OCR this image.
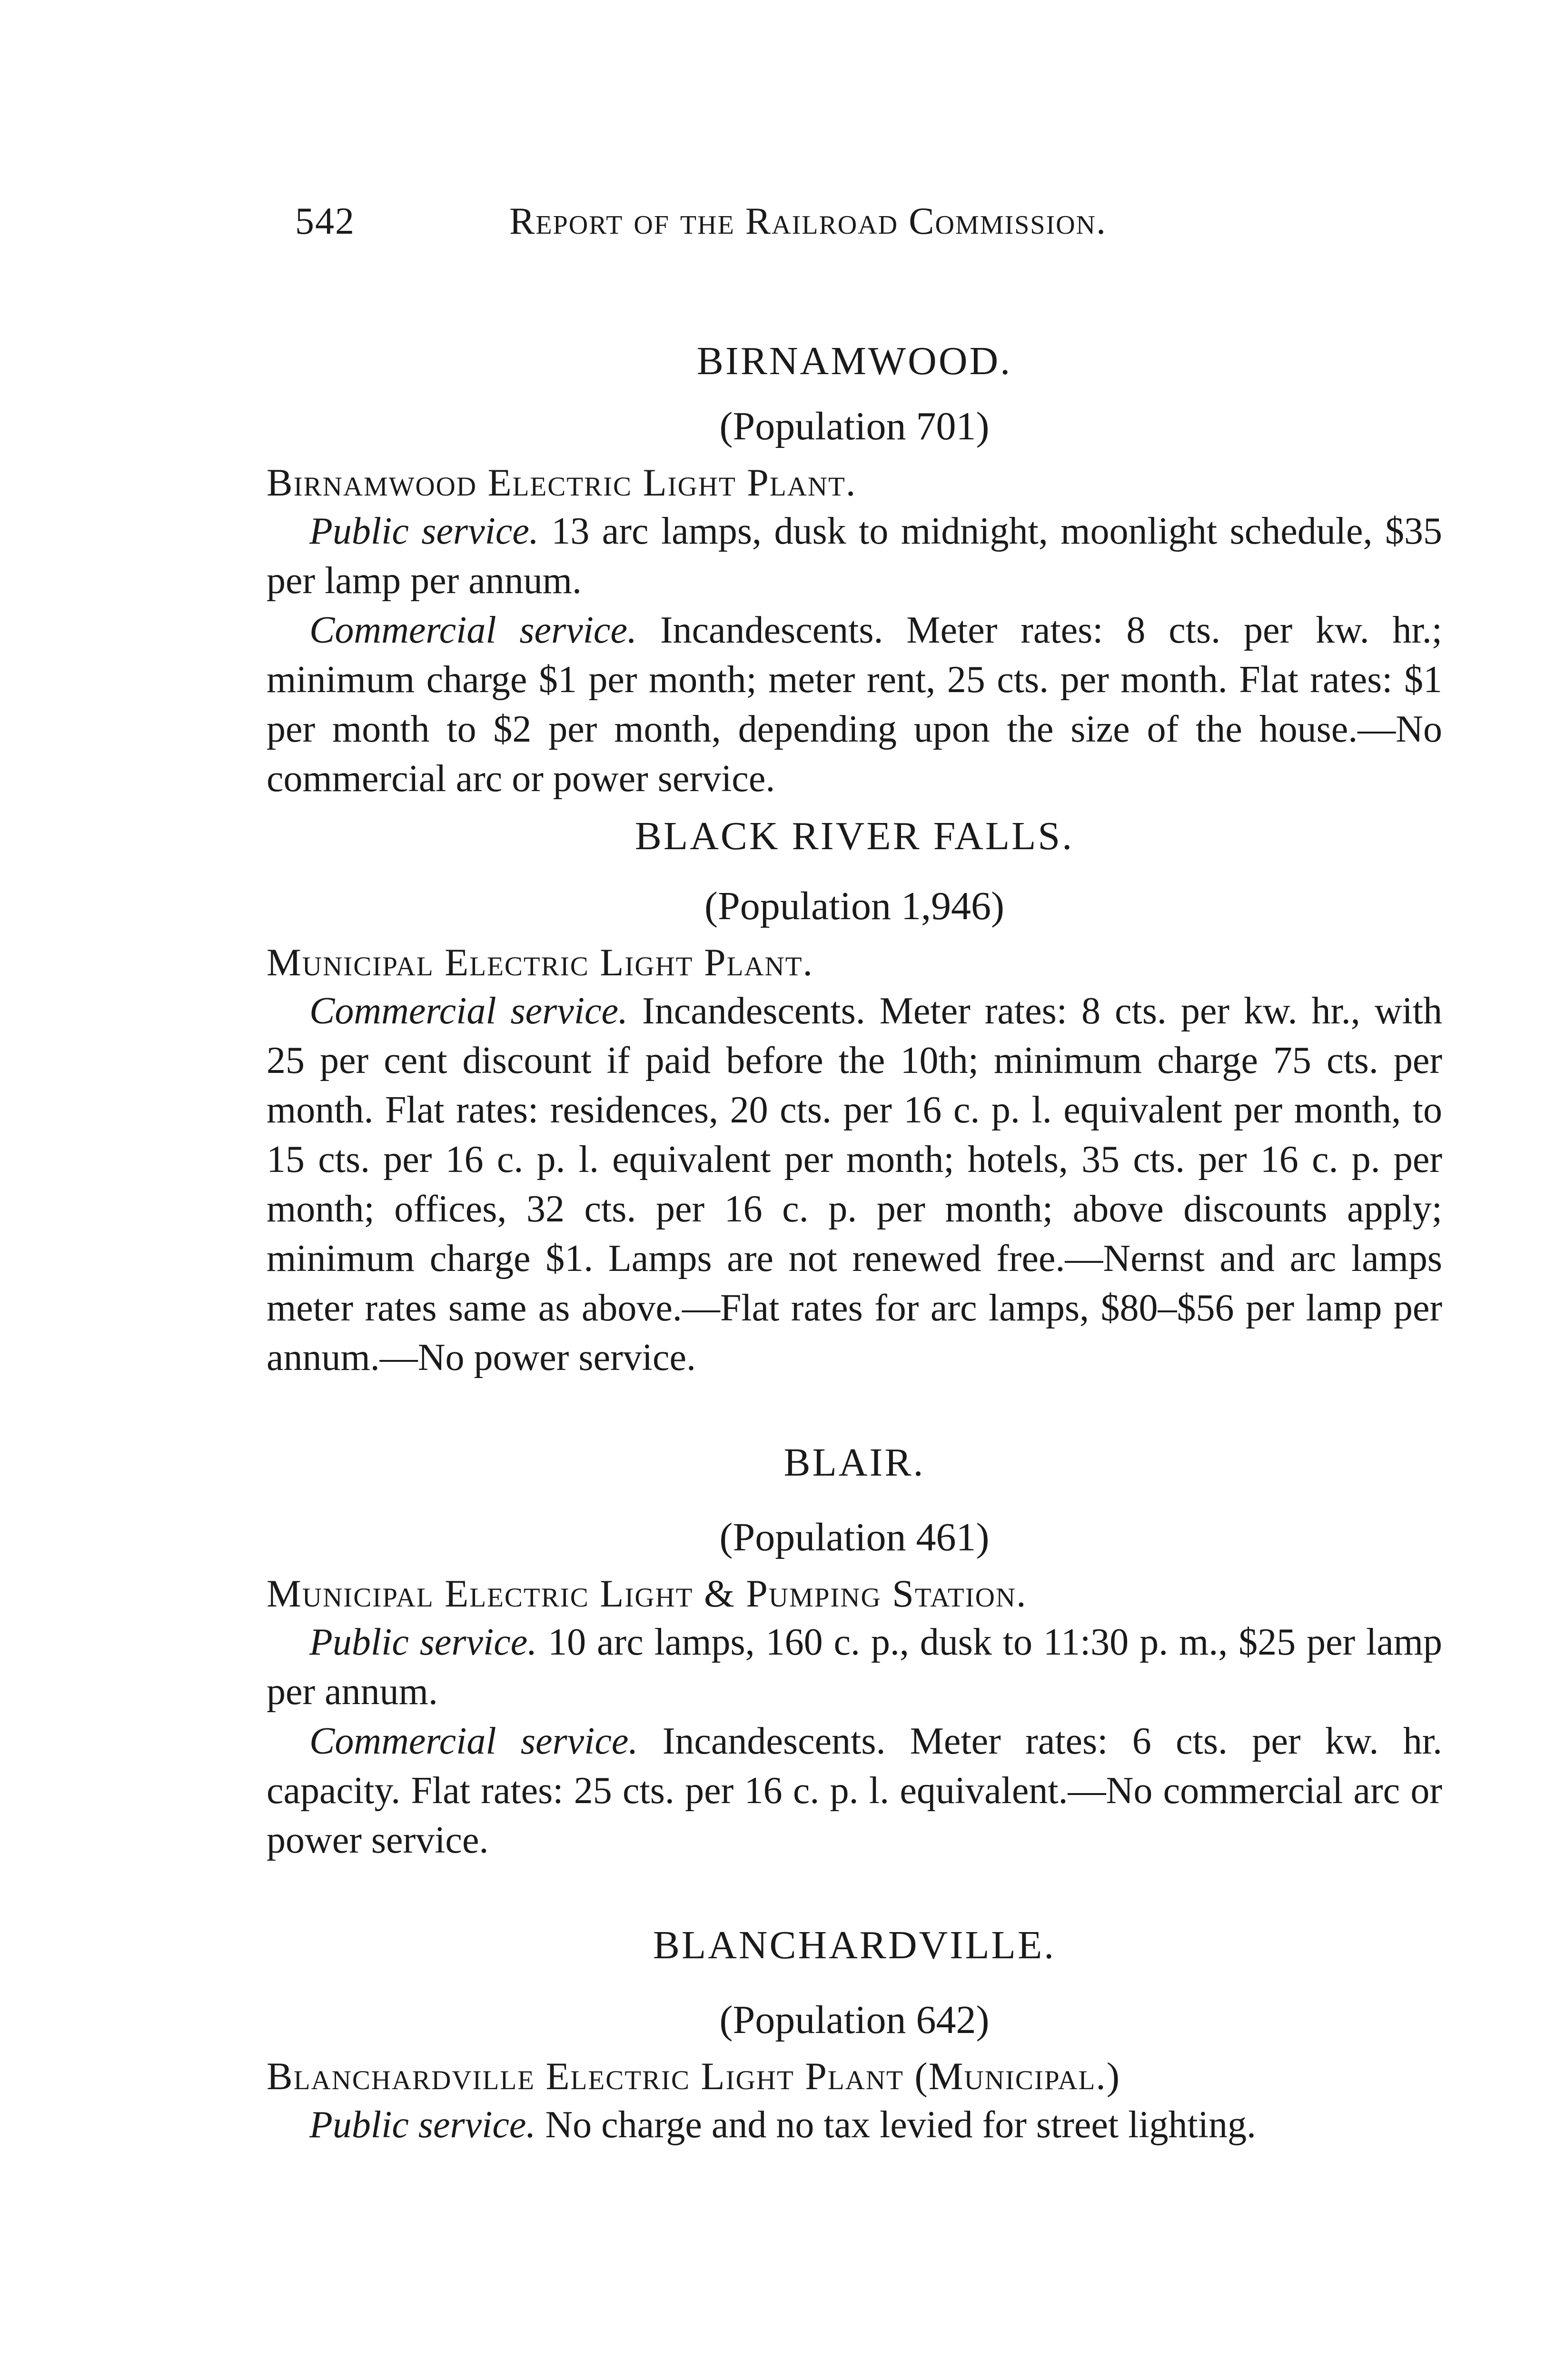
542	Report of the Railroad Commission.
BIRNAMWOOD.

(Population 701)

Birnamwood Electric Light Plant.

Public service. 13 arc lamps, dusk to midnight, moonlight schedule, $35 per lamp per annum.

Commercial service. Incandescents. Meter rates: 8 cts. per kw. hr.; minimum charge $1 per month; meter rent, 25 cts. per month. Flat rates: $1 per month to $2 per month, depending upon the size of the house.—No commercial arc or power service.

BLACK RIVER FALLS.

(Population 1,946)

Municipal Electric Light Plant.

Commercial service. Incandescents. Meter rates: 8 cts. per kw. hr., with 25 per cent discount if paid before the 10th; minimum charge 75 cts. per month. Flat rates: residences, 20 cts. per 16 c. p. l. equivalent per month, to 15 cts. per 16 c. p. l. equivalent per month; hotels, 35 cts. per 16 c. p. per month; offices, 32 cts. per 16 c. p. per month; above discounts apply; minimum charge $1. Lamps are not renewed free.—Nernst and arc lamps meter rates same as above.—Flat rates for arc lamps, $80–$56 per lamp per annum.—No power service.

BLAIR.

(Population 461)

Municipal Electric Light & Pumping Station.

Public service. 10 arc lamps, 160 c. p., dusk to 11:30 p. m., $25 per lamp per annum.

Commercial service. Incandescents. Meter rates: 6 cts. per kw. hr. capacity. Flat rates: 25 cts. per 16 c. p. l. equivalent.—No commercial arc or power service.

BLANCHARDVILLE.

(Population 642)

Blanchardville Electric Light Plant (Municipal.)

Public service. No charge and no tax levied for street lighting.
